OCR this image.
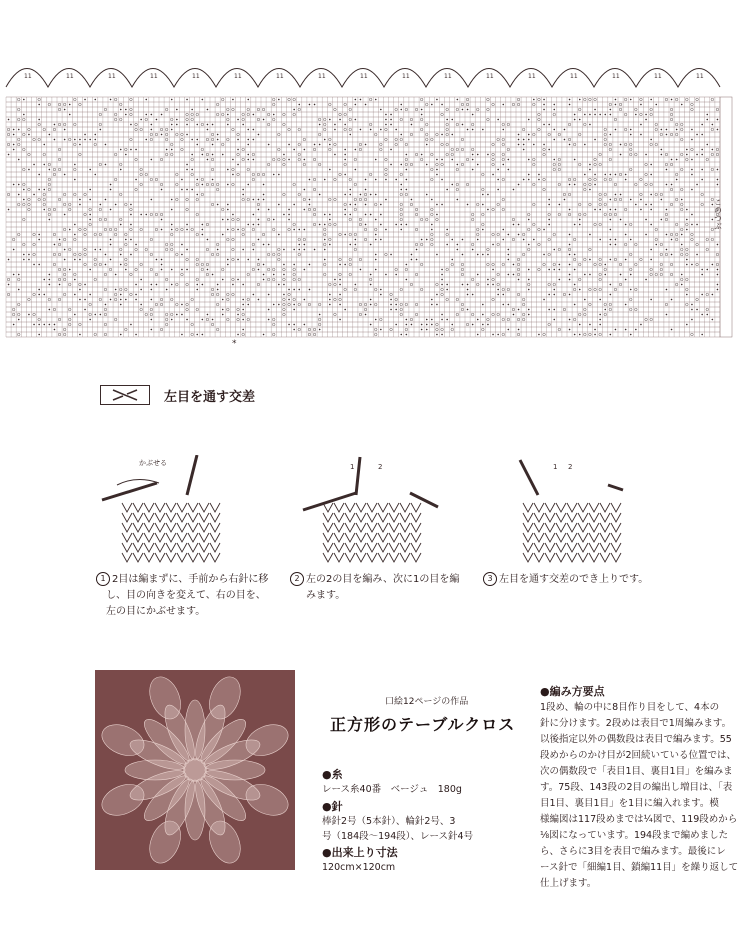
11	11	11	11	11	11	11	11	11	11	11	11	11	11	11	11	11
*
このつぶ
左目を通す交差
かぶせる	1	2	1 2
1 2目は編まずに、手前から右針に移
し、目の向きを変えて、右の目を、
左の目にかぶせます。
2 左の2の目を編み、次に1の目を編
みます。
3 左目を通す交差のでき上りです。
口絵12ページの作品
正方形のテーブルクロス
●糸
レース糸40番　ベージュ　180g
●針
棒針2号（5本針）、輪針2号、3
号（184段〜194段）、レース針4号
●出来上り寸法
120cm×120cm
●編み方要点

1段め、輪の中に8目作り目をして、4本の

針に分けます。2段めは表目で1周編みます。

以後指定以外の偶数段は表目で編みます。55

段めからのかけ目が2回続いている位置では、

次の偶数段で「表目1目、裏目1目」を編みま

す。75段、143段の2目の編出し増目は、「表

目1目、裏目1目」を1目に編入れます。模

様編図は117段めまでは¼図で、119段めから

⅛図になっています。194段まで編めました

ら、さらに3目を表目で編みます。最後にレ

ース針で「細編1目、鎖編11目」を繰り返して

仕上げます。
